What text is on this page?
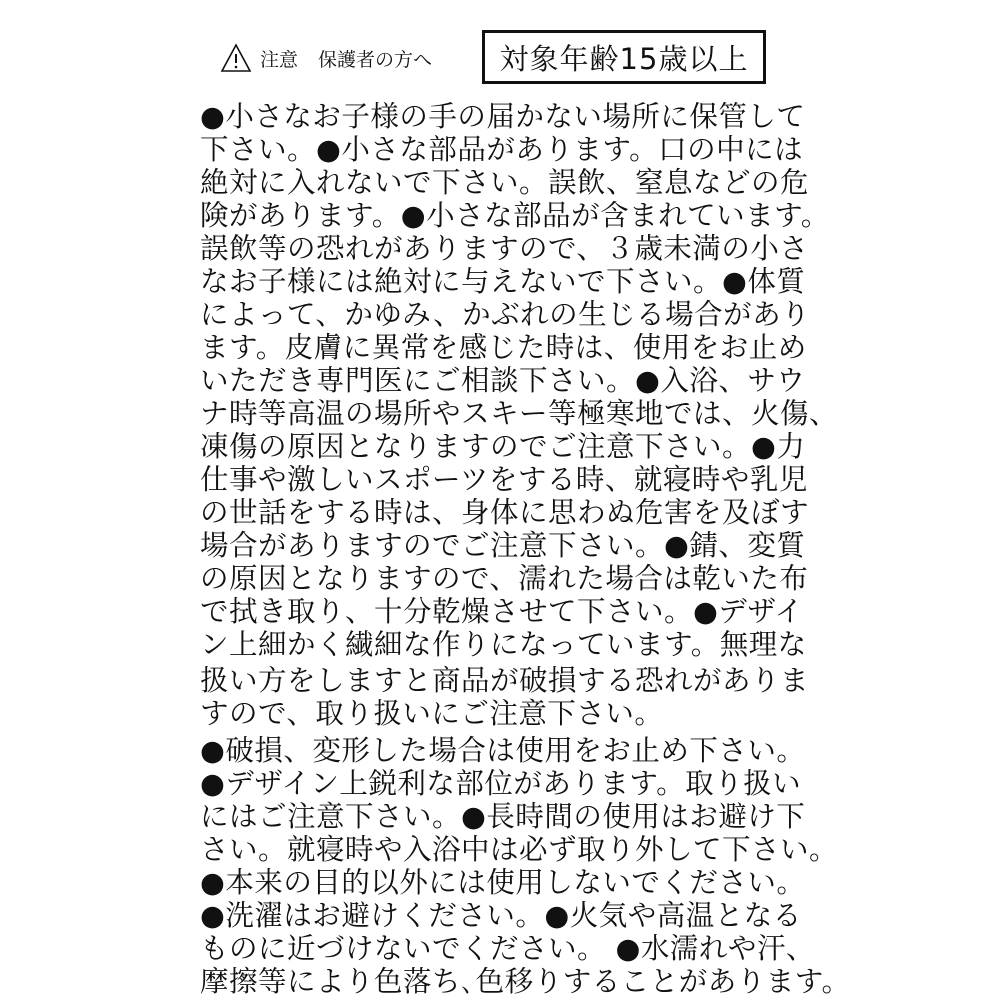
注意 保護者の方へ 対象年齢15歳以上
●小さなお子様の手の届かない場所に保管して
下さい。●小さな部品があります。口の中には
絶対に入れないで下さい。誤飲、窒息などの危
険があります。●小さな部品が含まれています。
誤飲等の恐れがありますので、３歳未満の小さ
なお子様には絶対に与えないで下さい。●体質
によって、かゆみ、かぶれの生じる場合があり
ます。皮膚に異常を感じた時は、使用をお止め
いただき専門医にご相談下さい。●入浴、サウ
ナ時等高温の場所やスキー等極寒地では、火傷、
凍傷の原因となりますのでご注意下さい。●力
仕事や激しいスポーツをする時、就寝時や乳児
の世話をする時は、身体に思わぬ危害を及ぼす
場合がありますのでご注意下さい。●錆、変質
の原因となりますので、濡れた場合は乾いた布
で拭き取り、十分乾燥させて下さい。●デザイ
ン上細かく繊細な作りになっています。無理な
扱い方をしますと商品が破損する恐れがありま
すので、取り扱いにご注意下さい。
●破損、変形した場合は使用をお止め下さい。
●デザイン上鋭利な部位があります。取り扱い
にはご注意下さい。●長時間の使用はお避け下
さい。就寝時や入浴中は必ず取り外して下さい。
●本来の目的以外には使用しないでください。
●洗濯はお避けください。●火気や高温となる
ものに近づけないでください。 ●水濡れや汗、
摩擦等により色落ち､色移りすることがあります。
